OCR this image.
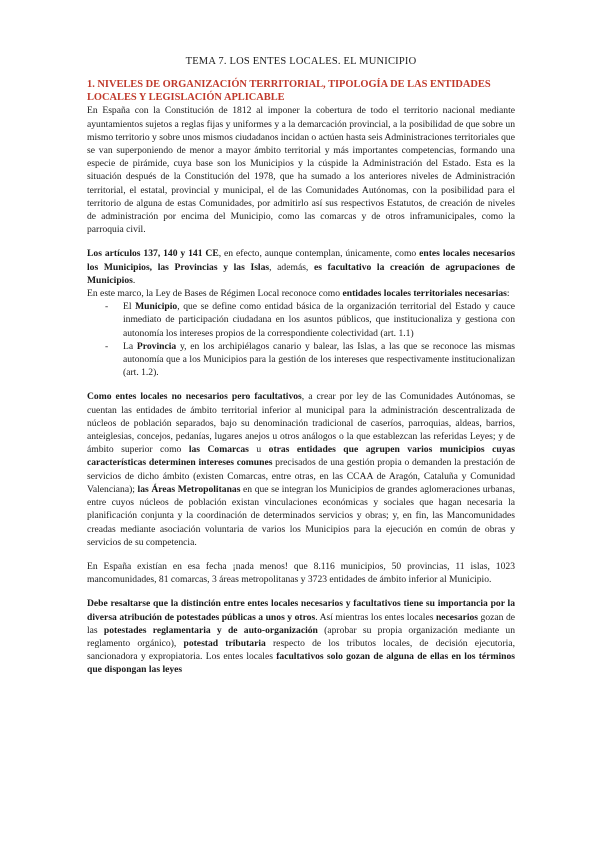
TEMA 7. LOS ENTES LOCALES. EL MUNICIPIO
1. NIVELES DE ORGANIZACIÓN TERRITORIAL, TIPOLOGÍA DE LAS ENTIDADES LOCALES Y LEGISLACIÓN APLICABLE

En España con la Constitución de 1812 al imponer la cobertura de todo el territorio nacional mediante ayuntamientos sujetos a reglas fijas y uniformes y a la demarcación provincial, a la posibilidad de que sobre un mismo territorio y sobre unos mismos ciudadanos incidan o actúen hasta seis Administraciones territoriales que se van superponiendo de menor a mayor ámbito territorial y más importantes competencias, formando una especie de pirámide, cuya base son los Municipios y la cúspide la Administración del Estado. Esta es la situación después de la Constitución del 1978, que ha sumado a los anteriores niveles de Administración territorial, el estatal, provincial y municipal, el de las Comunidades Autónomas, con la posibilidad para el territorio de alguna de estas Comunidades, por admitirlo así sus respectivos Estatutos, de creación de niveles de administración por encima del Municipio, como las comarcas y de otros inframunicipales, como la parroquia civil.

Los artículos 137, 140 y 141 CE, en efecto, aunque contemplan, únicamente, como entes locales necesarios los Municipios, las Provincias y las Islas, además, es facultativo la creación de agrupaciones de Municipios.

En este marco, la Ley de Bases de Régimen Local reconoce como entidades locales territoriales necesarias:

- El Municipio, que se define como entidad básica de la organización territorial del Estado y cauce inmediato de participación ciudadana en los asuntos públicos, que institucionaliza y gestiona con autonomía los intereses propios de la correspondiente colectividad (art. 1.1)
- La Provincia y, en los archipiélagos canario y balear, las Islas, a las que se reconoce las mismas autonomía que a los Municipios para la gestión de los intereses que respectivamente institucionalizan (art. 1.2).

Como entes locales no necesarios pero facultativos, a crear por ley de las Comunidades Autónomas, se cuentan las entidades de ámbito territorial inferior al municipal para la administración descentralizada de núcleos de población separados, bajo su denominación tradicional de caseríos, parroquias, aldeas, barrios, anteiglesias, concejos, pedanías, lugares anejos u otros análogos o la que establezcan las referidas Leyes; y de ámbito superior como las Comarcas u otras entidades que agrupen varios municipios cuyas características determinen intereses comunes precisados de una gestión propia o demanden la prestación de servicios de dicho ámbito (existen Comarcas, entre otras, en las CCAA de Aragón, Cataluña y Comunidad Valenciana); las Áreas Metropolitanas en que se integran los Municipios de grandes aglomeraciones urbanas, entre cuyos núcleos de población existan vinculaciones económicas y sociales que hagan necesaria la planificación conjunta y la coordinación de determinados servicios y obras; y, en fin, las Mancomunidades creadas mediante asociación voluntaria de varios los Municipios para la ejecución en común de obras y servicios de su competencia.

En España existían en esa fecha ¡nada menos! que 8.116 municipios, 50 provincias, 11 islas, 1023 mancomunidades, 81 comarcas, 3 áreas metropolitanas y 3723 entidades de ámbito inferior al Municipio.

Debe resaltarse que la distinción entre entes locales necesarios y facultativos tiene su importancia por la diversa atribución de potestades públicas a unos y otros. Así mientras los entes locales necesarios gozan de las potestades reglamentaria y de auto-organización (aprobar su propia organización mediante un reglamento orgánico), potestad tributaria respecto de los tributos locales, de decisión ejecutoria, sancionadora y expropiatoria. Los entes locales facultativos solo gozan de alguna de ellas en los términos que dispongan las leyes
